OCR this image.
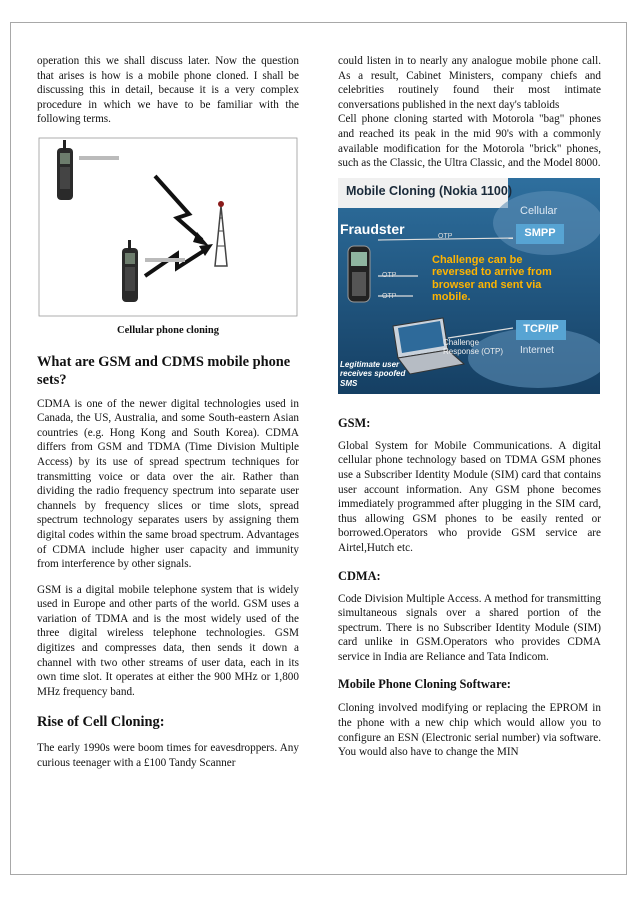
operation this we shall discuss later. Now the question that arises is how is a mobile phone cloned. I shall be discussing this in detail, because it is a very complex procedure in which we have to be familiar with the following terms.

Cellular phone cloning
What are GSM and CDMS mobile phone sets?

CDMA is one of the newer digital technologies used in Canada, the US, Australia, and some South-eastern Asian countries (e.g. Hong Kong and South Korea). CDMA differs from GSM and TDMA (Time Division Multiple Access) by its use of spread spectrum techniques for transmitting voice or data over the air. Rather than dividing the radio frequency spectrum into separate user channels by frequency slices or time slots, spread spectrum technology separates users by assigning them digital codes within the same broad spectrum. Advantages of CDMA include higher user capacity and immunity from interference by other signals.

GSM is a digital mobile telephone system that is widely used in Europe and other parts of the world. GSM uses a variation of TDMA and is the most widely used of the three digital wireless telephone technologies. GSM digitizes and compresses data, then sends it down a channel with two other streams of user data, each in its own time slot. It operates at either the 900 MHz or 1,800 MHz frequency band.

Rise of Cell Cloning:

The early 1990s were boom times for eavesdroppers. Any curious teenager with a £100 Tandy Scanner

could listen in to nearly any analogue mobile phone call. As a result, Cabinet Ministers, company chiefs and celebrities routinely found their most intimate conversations published in the next day's tabloids

Cell phone cloning started with Motorola "bag" phones and reached its peak in the mid 90's with a commonly available modification for the Motorola "brick" phones, such as the Classic, the Ultra Classic, and the Model 8000.

Mobile Cloning (Nokia 1100)
Cellular
SMPP
Fraudster	OTP
OTP
OTP
Challenge can be reversed to arrive from browser and sent via mobile.
TCP/IP
Internet
Challenge Response (OTP)
Legitimate user receives spoofed SMS
GSM:

Global System for Mobile Communications. A digital cellular phone technology based on TDMA GSM phones use a Subscriber Identity Module (SIM) card that contains user account information. Any GSM phone becomes immediately programmed after plugging in the SIM card, thus allowing GSM phones to be easily rented or borrowed.Operators who provide GSM service are Airtel,Hutch etc.

CDMA:

Code Division Multiple Access. A method for transmitting simultaneous signals over a shared portion of the spectrum. There is no Subscriber Identity Module (SIM) card unlike in GSM.Operators who provides CDMA service in India are Reliance and Tata Indicom.

Mobile Phone Cloning Software:

Cloning involved modifying or replacing the EPROM in the phone with a new chip which would allow you to configure an ESN (Electronic serial number) via software. You would also have to change the MIN
